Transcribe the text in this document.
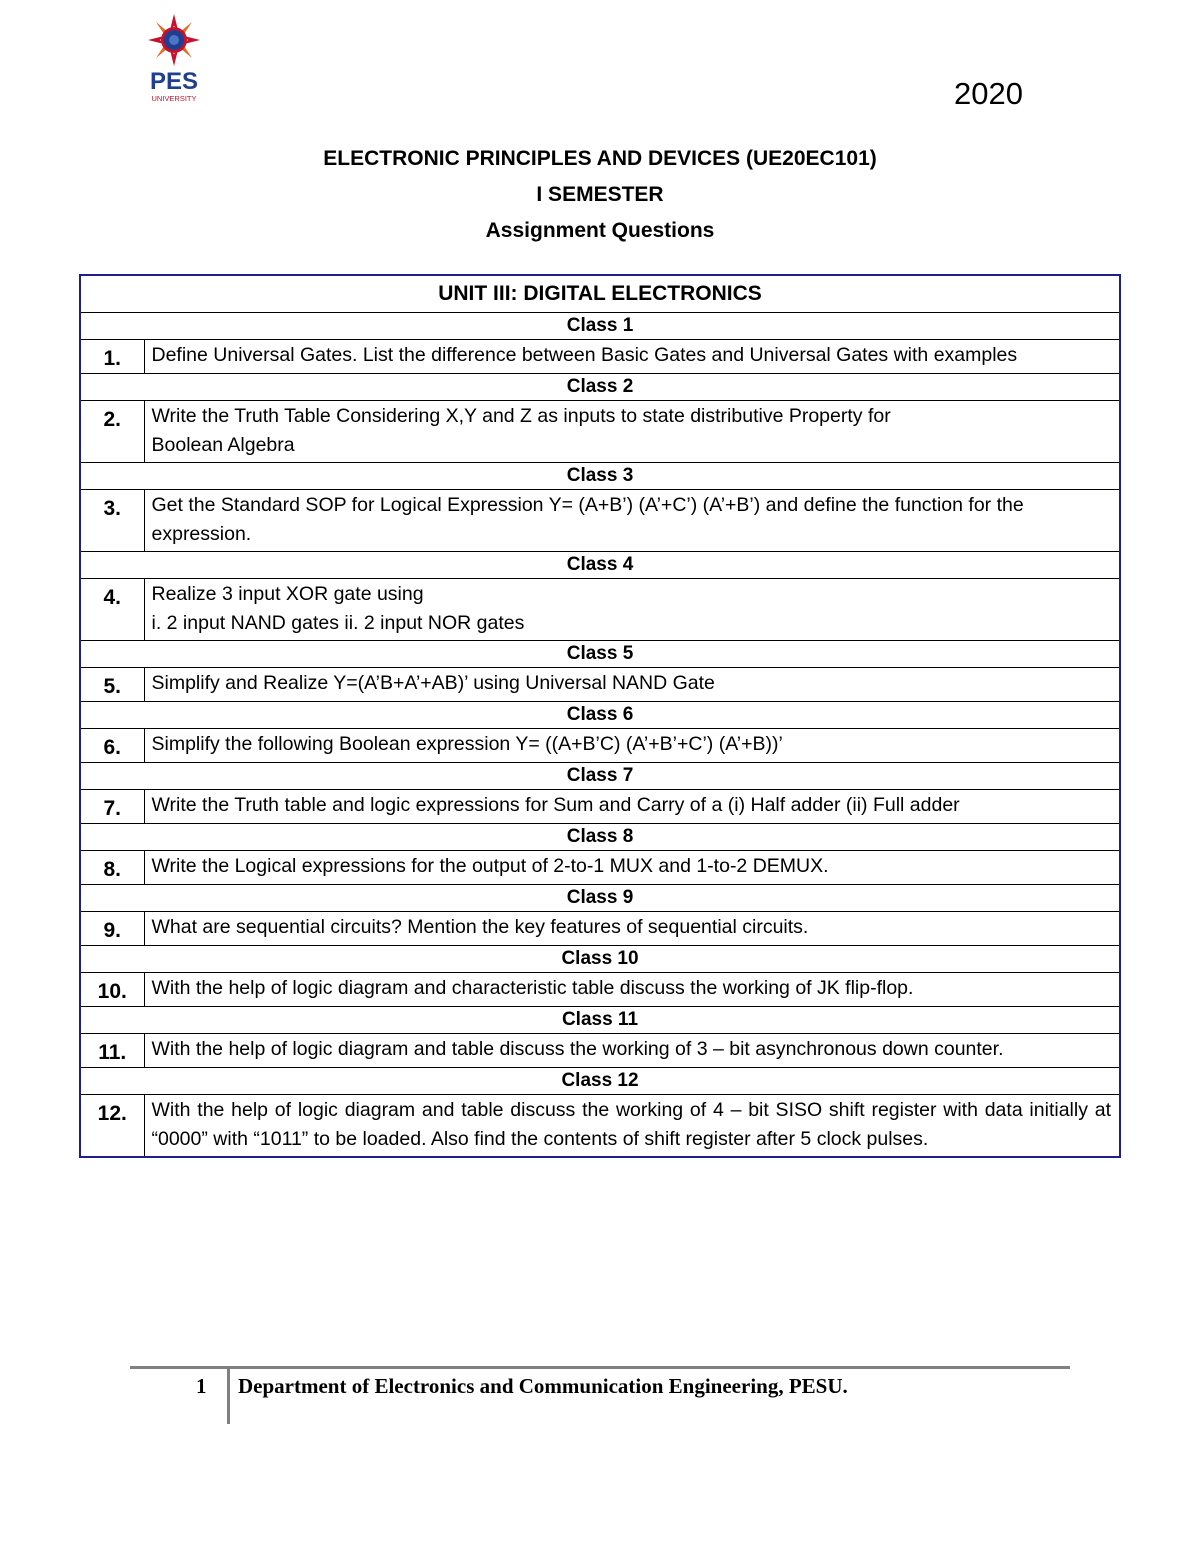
PES
UNIVERSITY	2020
ELECTRONIC PRINCIPLES AND DEVICES (UE20EC101)
I SEMESTER
Assignment Questions
UNIT III: DIGITAL ELECTRONICS	
Class 1	
1.	Define Universal Gates. List the difference between Basic Gates and Universal Gates with examples

Class 2	
2.	Write the Truth Table Considering X,Y and Z as inputs to state distributive Property for
Boolean Algebra

Class 3	
3.	Get the Standard SOP for Logical Expression Y= (A+B’) (A’+C’) (A’+B’) and define the function for the
expression.

Class 4	
4.	Realize 3 input XOR gate using
i. 2 input NAND gates ii. 2 input NOR gates

Class 5	
5.	Simplify and Realize Y=(A’B+A’+AB)’ using Universal NAND Gate

Class 6	
6.	Simplify the following Boolean expression Y= ((A+B’C) (A’+B’+C’) (A’+B))’

Class 7	
7.	Write the Truth table and logic expressions for Sum and Carry of a (i) Half adder (ii) Full adder

Class 8	
8.	Write the Logical expressions for the output of 2-to-1 MUX and 1-to-2 DEMUX.

Class 9	
9.	What are sequential circuits? Mention the key features of sequential circuits.

Class 10	
10.	With the help of logic diagram and characteristic table discuss the working of JK flip-flop.

Class 11	
11.	With the help of logic diagram and table discuss the working of 3 – bit asynchronous down counter.

Class 12	
12.	With the help of logic diagram and table discuss the working of 4 – bit SISO shift register with data initially at “0000” with “1011” to be loaded. Also find the contents of shift register after 5 clock pulses.
1 Department of Electronics and Communication Engineering, PESU.
